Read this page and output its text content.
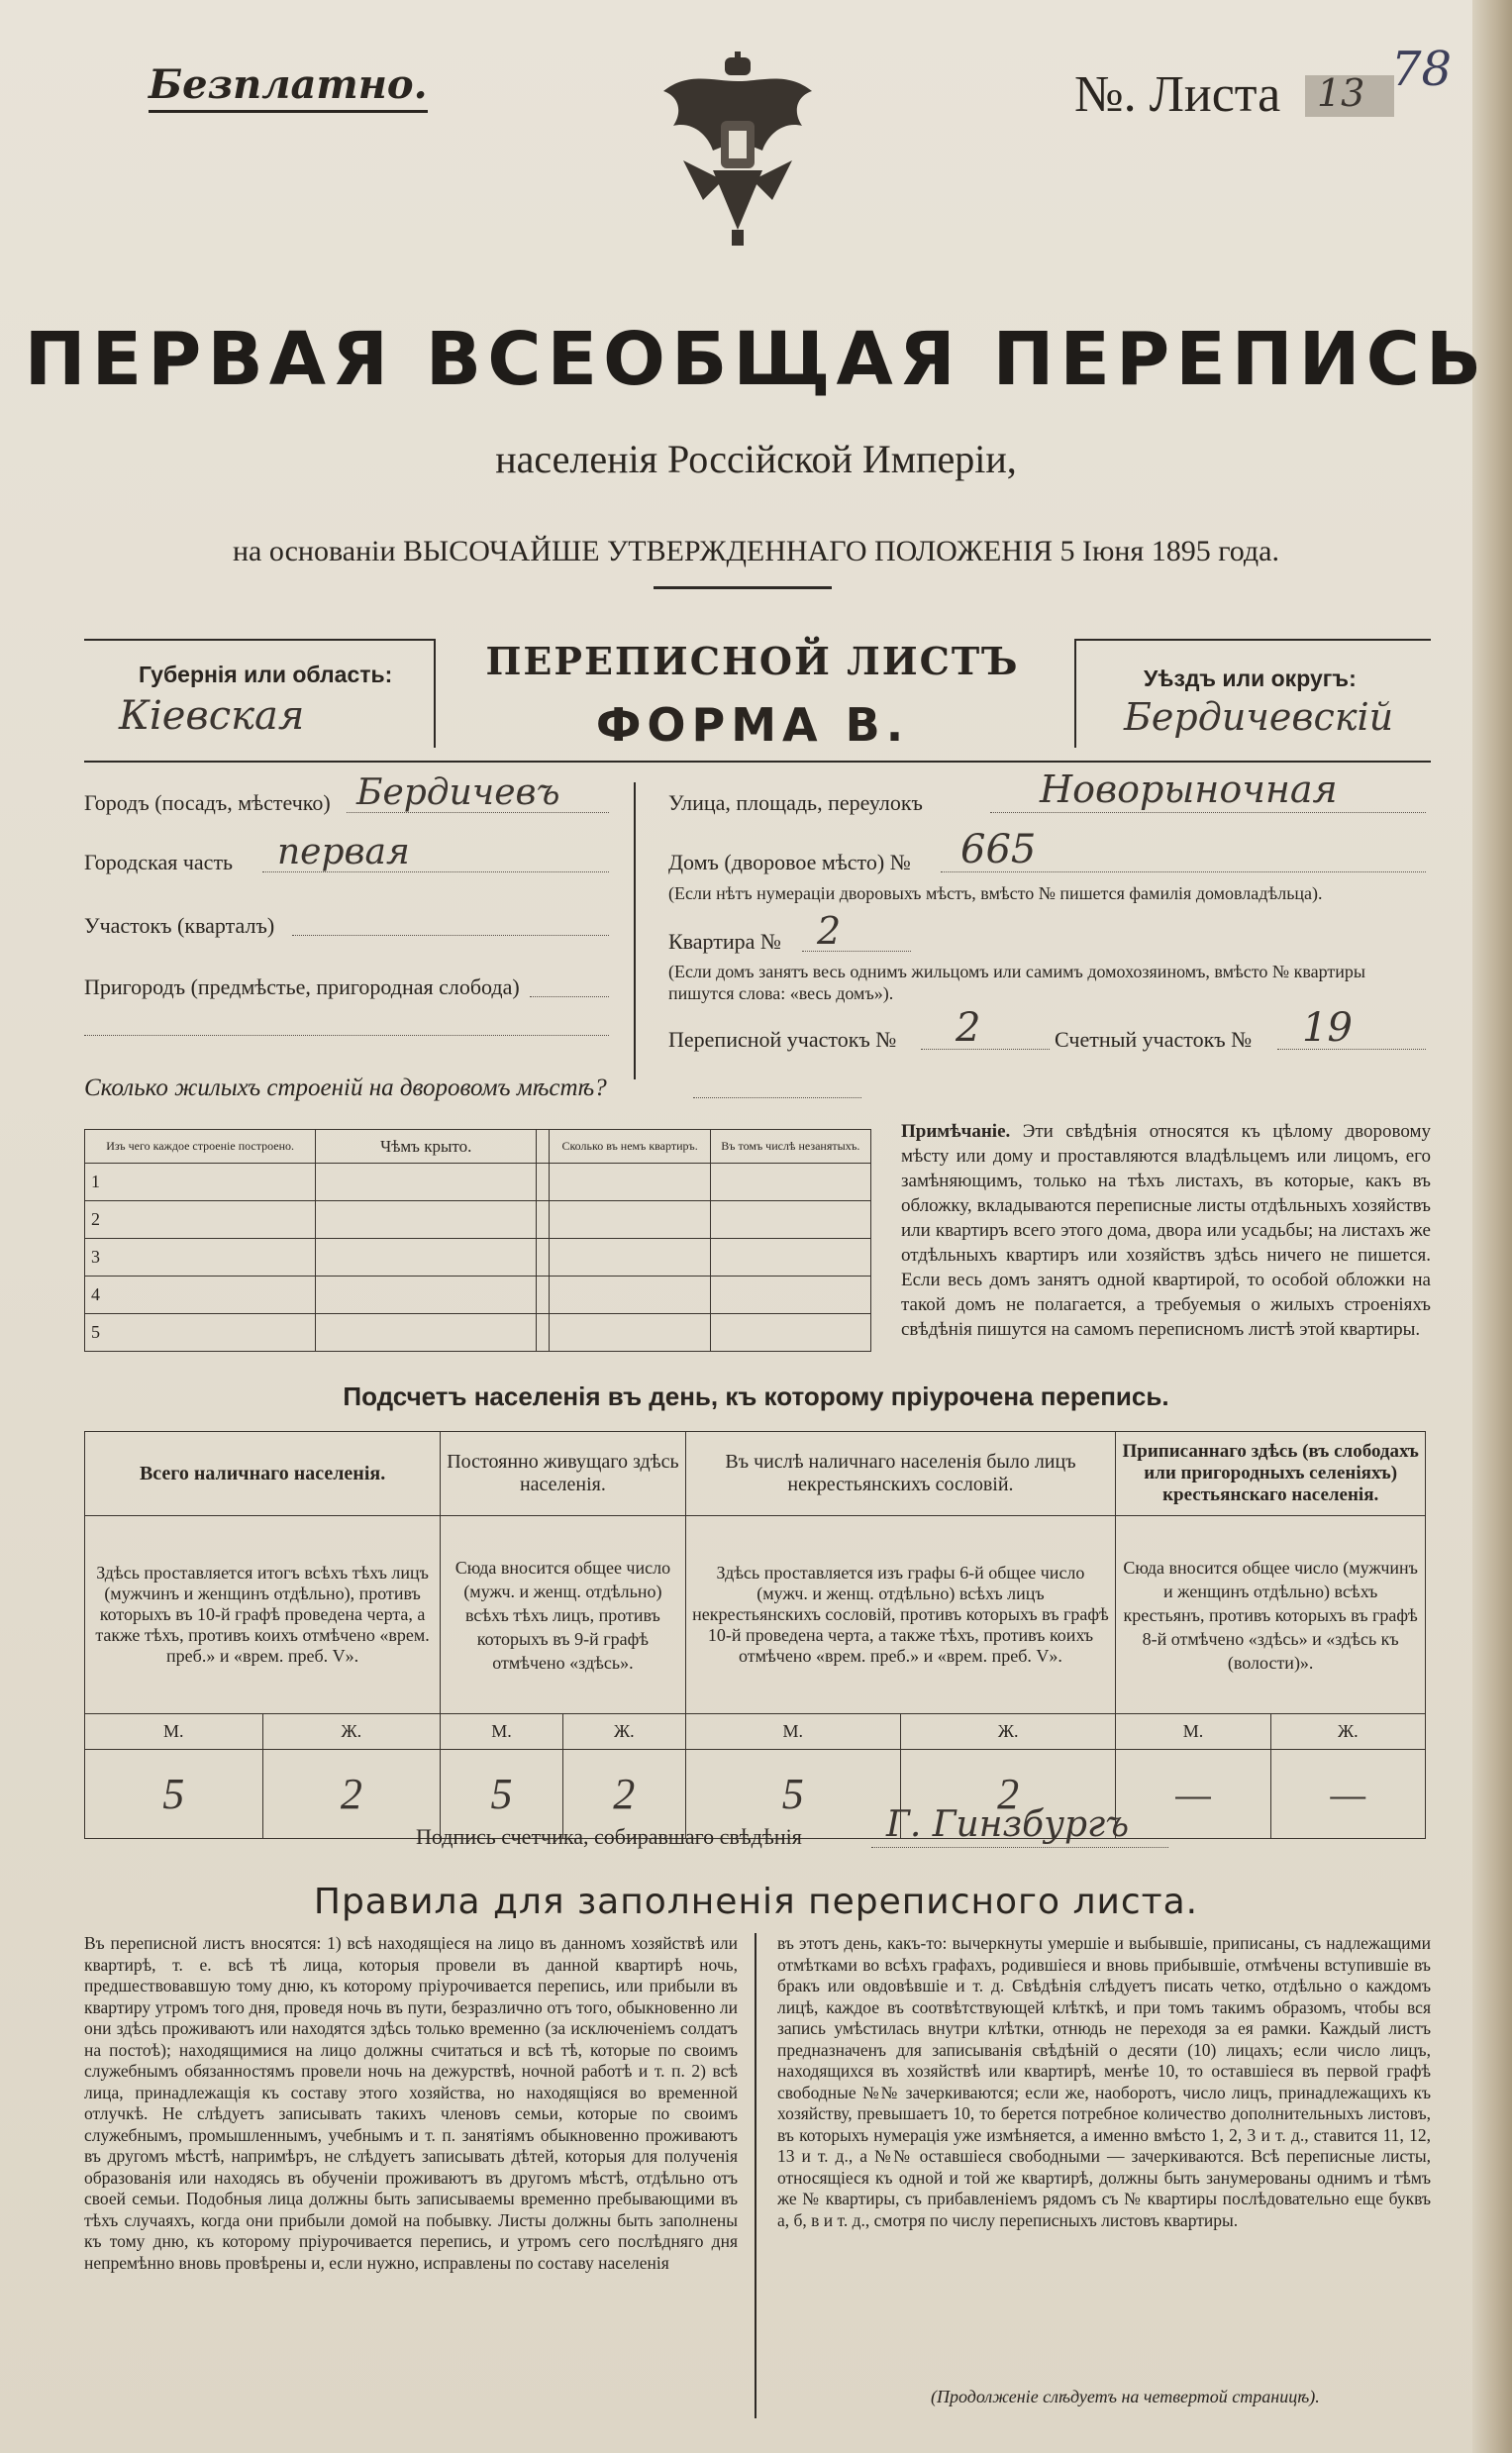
Безплатно.	№. Листа 13 78
ПЕРВАЯ ВСЕОБЩАЯ ПЕРЕПИСЬ
населенія Россійской Имперіи,
на основаніи ВЫСОЧАЙШЕ УТВЕРЖДЕННАГО ПОЛОЖЕНІЯ 5 Іюня 1895 года.
Губернія или область:
Кіевская
ПЕРЕПИСНОЙ ЛИСТЪ
ФОРМА В.
Уѣздъ или округъ:
Бердичевскій
Городъ (посадъ, мѣстечко) Бердичевъ
Городская часть первая
Участокъ (кварталъ)
Пригородъ (предмѣстье, пригородная слобода)
Улица, площадь, переулокъ	Новорыночная
Домъ (дворовое мѣсто) № 665
(Если нѣтъ нумераціи дворовыхъ мѣстъ, вмѣсто № пишется фамилія домовладѣльца).
Квартира № 2
(Если домъ занятъ весь однимъ жильцомъ или самимъ домохозяиномъ, вмѣсто № квартиры пишутся слова: «весь домъ»).
Переписной участокъ № 2	Счетный участокъ № 19
Сколько жилыхъ строеній на дворовомъ мѣстѣ?
Изъ чего каждое строеніе построено.	Чѣмъ крыто.		Сколько въ немъ квартиръ.	Въ томъ числѣ незанятыхъ.
1				
2				
3				
4				
5				
Примѣчаніе. Эти свѣдѣнія относятся къ цѣлому дворовому мѣсту или дому и проставляются владѣльцемъ или лицомъ, его замѣняющимъ, только на тѣхъ листахъ, въ которые, какъ въ обложку, вкладываются переписные листы отдѣльныхъ хозяйствъ или квартиръ всего этого дома, двора или усадьбы; на листахъ же отдѣльныхъ квартиръ или хозяйствъ здѣсь ничего не пишется. Если весь домъ занятъ одной квартирой, то особой обложки на такой домъ не полагается, а требуемыя о жилыхъ строеніяхъ свѣдѣнія пишутся на самомъ переписномъ листѣ этой квартиры.
Подсчетъ населенія въ день, къ которому пріурочена перепись.
Всего наличнаго населенія.		Постоянно живущаго здѣсь населенія.		Въ числѣ наличнаго населенія было лицъ некрестьянскихъ сословій.		Приписаннаго здѣсь (въ слободахъ или пригородныхъ селеніяхъ) крестьянскаго населенія.	
Здѣсь проставляется итогъ всѣхъ тѣхъ лицъ (мужчинъ и женщинъ отдѣльно), противъ которыхъ въ 10-й графѣ проведена черта, а также тѣхъ, противъ коихъ отмѣчено «врем. преб.» и «врем. преб. V».		Сюда вносится общее число (мужч. и женщ. отдѣльно) всѣхъ тѣхъ лицъ, противъ которыхъ въ 9-й графѣ отмѣчено «здѣсь».		Здѣсь проставляется изъ графы 6-й общее число (мужч. и женщ. отдѣльно) всѣхъ лицъ некрестьянскихъ сословій, противъ которыхъ въ графѣ 10-й проведена черта, а также тѣхъ, противъ коихъ отмѣчено «врем. преб.» и «врем. преб. V».		Сюда вносится общее число (мужчинъ и женщинъ отдѣльно) всѣхъ крестьянъ, противъ которыхъ въ графѣ 8-й отмѣчено «здѣсь» и «здѣсь къ (волости)».	
М.	Ж.	М.	Ж.	М.	Ж.	М.	Ж.
5	2	5	2	5	2	—	—
Подпись счетчика, собиравшаго свѣдѣнія Г. Гинзбургъ
Правила для заполненія переписного листа.
Въ переписной листъ вносятся: 1) всѣ находящіеся на лицо въ данномъ хозяйствѣ или квартирѣ, т. е. всѣ тѣ лица, которыя провели въ данной квартирѣ ночь, предшествовавшую тому дню, къ которому пріурочивается перепись, или прибыли въ квартиру утромъ того дня, проведя ночь въ пути, безразлично отъ того, обыкновенно ли они здѣсь проживаютъ или находятся здѣсь только временно (за исключеніемъ солдатъ на постоѣ); находящимися на лицо должны считаться и всѣ тѣ, которые по своимъ служебнымъ обязанностямъ провели ночь на дежурствѣ, ночной работѣ и т. п. 2) всѣ лица, принадлежащія къ составу этого хозяйства, но находящіяся во временной отлучкѣ. Не слѣдуетъ записывать такихъ членовъ семьи, которые по своимъ служебнымъ, промышленнымъ, учебнымъ и т. п. занятіямъ обыкновенно проживаютъ въ другомъ мѣстѣ, напримѣръ, не слѣдуетъ записывать дѣтей, которыя для полученія образованія или находясь въ обученіи проживаютъ въ другомъ мѣстѣ, отдѣльно отъ своей семьи. Подобныя лица должны быть записываемы временно пребывающими въ тѣхъ случаяхъ, когда они прибыли домой на побывку. Листы должны быть заполнены къ тому дню, къ которому пріурочивается перепись, и утромъ сего послѣдняго дня непремѣнно вновь провѣрены и, если нужно, исправлены по составу населенія
въ этотъ день, какъ-то: вычеркнуты умершіе и выбывшіе, приписаны, съ надлежащими отмѣтками во всѣхъ графахъ, родившіеся и вновь прибывшіе, отмѣчены вступившіе въ бракъ или овдовѣвшіе и т. д. Свѣдѣнія слѣдуетъ писать четко, отдѣльно о каждомъ лицѣ, каждое въ соотвѣтствующей клѣткѣ, и при томъ такимъ образомъ, чтобы вся запись умѣстилась внутри клѣтки, отнюдь не переходя за ея рамки. Каждый листъ предназначенъ для записыванія свѣдѣній о десяти (10) лицахъ; если число лицъ, находящихся въ хозяйствѣ или квартирѣ, менѣе 10, то оставшіеся въ первой графѣ свободные №№ зачеркиваются; если же, наоборотъ, число лицъ, принадлежащихъ къ хозяйству, превышаетъ 10, то берется потребное количество дополнительныхъ листовъ, въ которыхъ нумерація уже измѣняется, а именно вмѣсто 1, 2, 3 и т. д., ставится 11, 12, 13 и т. д., а №№ оставшіеся свободными — зачеркиваются. Всѣ переписные листы, относящіеся къ одной и той же квартирѣ, должны быть занумерованы однимъ и тѣмъ же № квартиры, съ прибавленіемъ рядомъ съ № квартиры послѣдовательно еще буквъ а, б, в и т. д., смотря по числу переписныхъ листовъ квартиры.
(Продолженіе слѣдуетъ на четвертой страницѣ).
